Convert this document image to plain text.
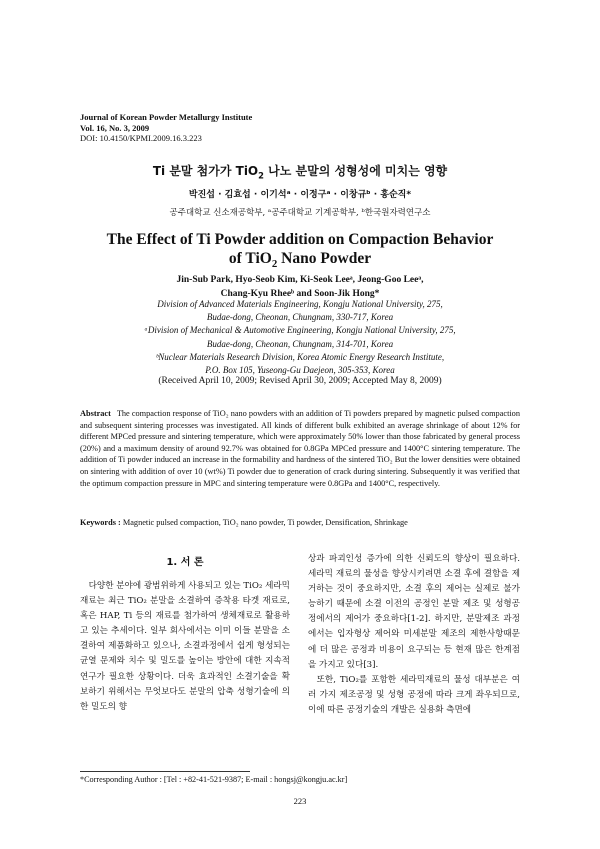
Journal of Korean Powder Metallurgy Institute
Vol. 16, No. 3, 2009
DOI: 10.4150/KPMI.2009.16.3.223
Ti 분말 첨가가 TiO$_2$ 나노 분말의 성형성에 미치는 영향
박진섭 · 김효섭 · 이기석ᵃ · 이정구ᵃ · 이창규ᵇ · 홍순직*
공주대학교 신소재공학부, ᵃ공주대학교 기계공학부, ᵇ한국원자력연구소
The Effect of Ti Powder addition on Compaction Behavior
of TiO$_2$ Nano Powder
Jin-Sub Park, Hyo-Seob Kim, Ki-Seok Leeᵃ, Jeong-Goo Leeᵃ,
Chang-Kyu Rheeᵇ and Soon-Jik Hong*
Division of Advanced Materials Engineering, Kongju National University, 275,
Budae-dong, Cheonan, Chungnam, 330-717, Korea
ᵃDivision of Mechanical & Automotive Engineering, Kongju National University, 275,
Budae-dong, Cheonan, Chungnam, 314-701, Korea
ᵇNuclear Materials Research Division, Korea Atomic Energy Research Institute,
P.O. Box 105, Yuseong-Gu Daejeon, 305-353, Korea
(Received April 10, 2009; Revised April 30, 2009; Accepted May 8, 2009)
Abstract The compaction response of TiO₂ nano powders with an addition of Ti powders prepared by magnetic pulsed compaction and subsequent sintering processes was investigated. All kinds of different bulk exhibited an average shrinkage of about 12% for different MPCed pressure and sintering temperature, which were approximately 50% lower than those fabricated by general process (20%) and a maximum density of around 92.7% was obtained for 0.8GPa MPCed pressure and 1400°C sintering temperature. The addition of Ti powder induced an increase in the formability and hardness of the sintered TiO₂ But the lower densities were obtained on sintering with addition of over 10 (wt%) Ti powder due to generation of crack during sintering. Subsequently it was verified that the optimum compaction pressure in MPC and sintering temperature were 0.8GPa and 1400°C, respectively.
Keywords : Magnetic pulsed compaction, TiO₂ nano powder, Ti powder, Densification, Shrinkage
1. 서 론
다양한 분야에 광범위하게 사용되고 있는 TiO₂ 세라믹 재료는 최근 TiO₂ 분말을 소결하여 증착용 타겟 재료로, 혹은 HAP, Ti 등의 재료를 첨가하여 생체재료로 활용하고 있는 추세이다. 일부 회사에서는 이미 이들 분말을 소결하여 제품화하고 있으나, 소결과정에서 쉽게 형성되는 균열 문제와 치수 및 밀도를 높이는 방안에 대한 지속적 연구가 필요한 상황이다. 더욱 효과적인 소결기술을 확보하기 위해서는 무엇보다도 분말의 압축 성형기술에 의한 밀도의 향
상과 파괴인성 증가에 의한 신뢰도의 향상이 필요하다. 세라믹 재료의 물성을 향상시키려면 소결 후에 결함을 제거하는 것이 중요하지만, 소결 후의 제어는 실제로 불가능하기 때문에 소결 이전의 공정인 분말 제조 및 성형공정에서의 제어가 중요하다[1-2]. 하지만, 분말제조 과정에서는 입자형상 제어와 미세분말 제조의 제한사항때문에 더 많은 공정과 비용이 요구되는 등 현재 많은 한계점을 가지고 있다[3].
또한, TiO₂를 포함한 세라믹재료의 물성 대부분은 여러 가지 제조공정 및 성형 공정에 따라 크게 좌우되므로, 이에 따른 공정기술의 개발은 실용화 측면에
*Corresponding Author : [Tel : +82-41-521-9387; E-mail : hongsj@kongju.ac.kr]
223
